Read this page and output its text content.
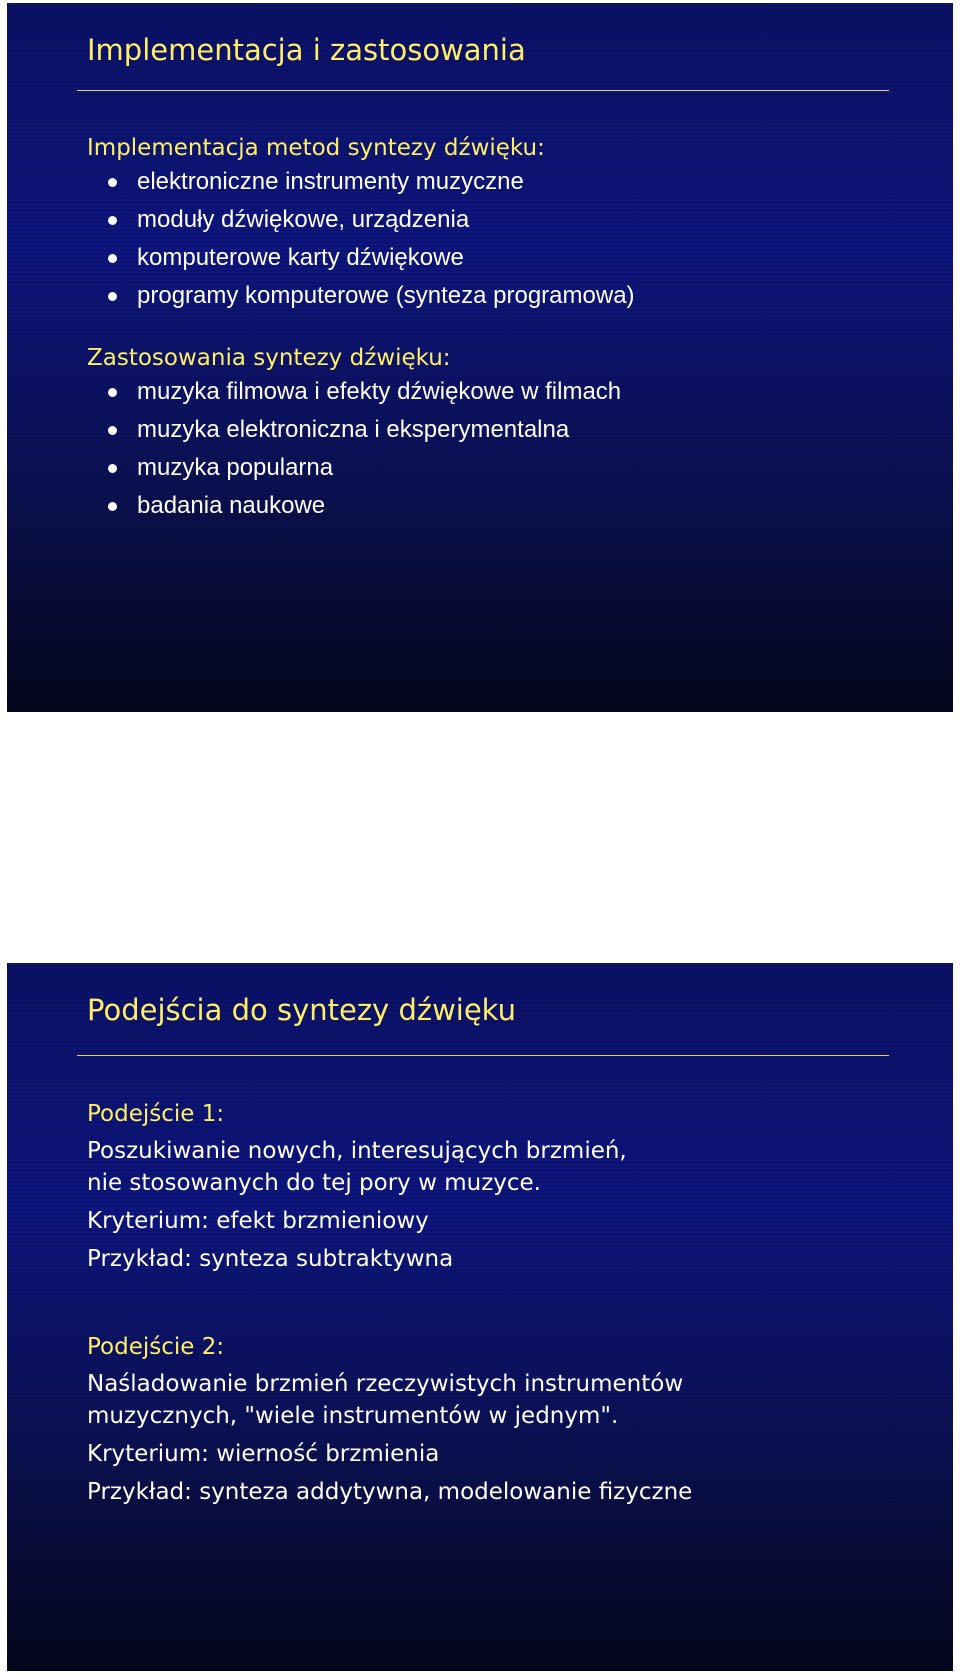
Implementacja i zastosowania
Implementacja metod syntezy dźwięku:
elektroniczne instrumenty muzyczne
moduły dźwiękowe, urządzenia
komputerowe karty dźwiękowe
programy komputerowe (synteza programowa)
Zastosowania syntezy dźwięku:
muzyka filmowa i efekty dźwiękowe w filmach
muzyka elektroniczna i eksperymentalna
muzyka popularna
badania naukowe
Podejścia do syntezy dźwięku
Podejście 1:

Poszukiwanie nowych, interesujących brzmień,

nie stosowanych do tej pory w muzyce.

Kryterium: efekt brzmieniowy

Przykład: synteza subtraktywna

Podejście 2:

Naśladowanie brzmień rzeczywistych instrumentów

muzycznych, "wiele instrumentów w jednym".

Kryterium: wierność brzmienia

Przykład: synteza addytywna, modelowanie fizyczne
